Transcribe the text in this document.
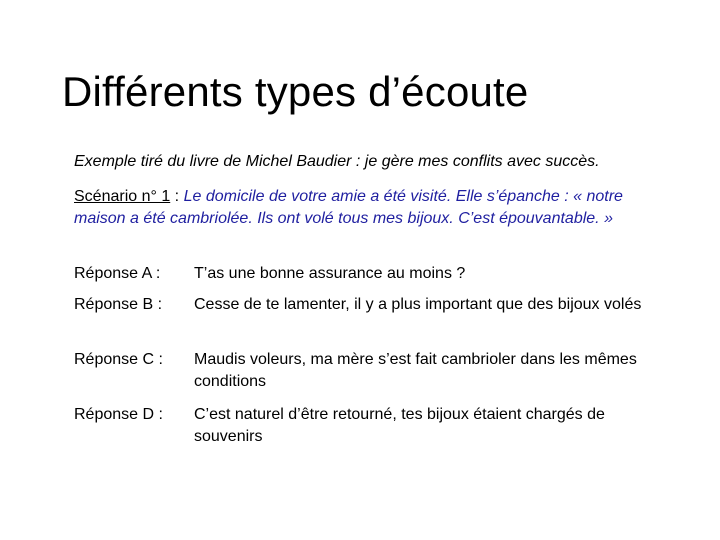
Différents types d’écoute
Exemple tiré du livre de Michel Baudier : je gère mes conflits avec succès.
Scénario n° 1 : Le domicile de votre amie a été visité. Elle s’épanche : « notre maison a été cambriolée. Ils ont volé tous mes bijoux. C’est épouvantable. »
Réponse A :	T’as une bonne assurance au moins ?
Réponse B :	Cesse de te lamenter, il y a plus important que des bijoux volés
Réponse C :	Maudis voleurs, ma mère s’est fait cambrioler dans les mêmes conditions
Réponse D :	C’est naturel d’être retourné, tes bijoux étaient chargés de souvenirs
